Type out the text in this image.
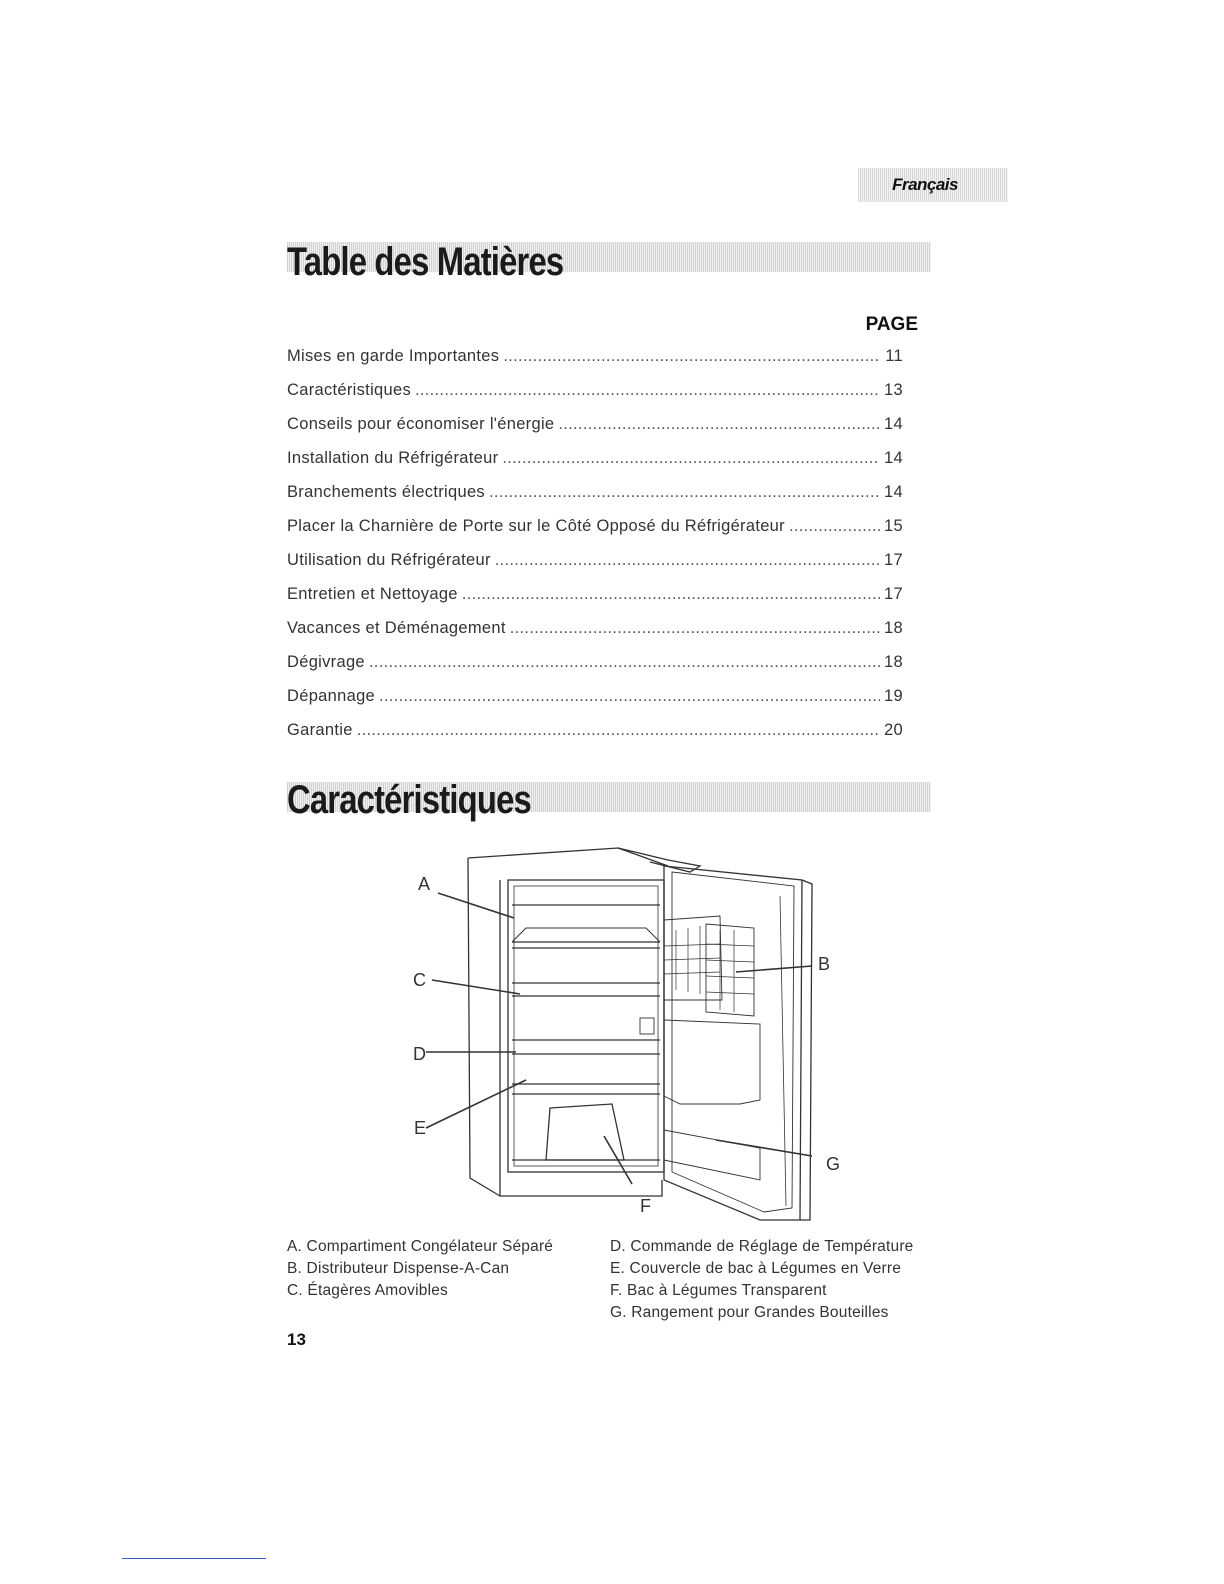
Français
Table des Matières
PAGE
Mises en garde Importantes .....	11
Caractéristiques .....	13
Conseils pour économiser l'énergie .....	14
Installation du Réfrigérateur .....	14
Branchements électriques .....	14
Placer la Charnière de Porte sur le Côté Opposé du Réfrigérateur .....	15
Utilisation du Réfrigérateur .....	17
Entretien et Nettoyage .....	17
Vacances et Déménagement .....	18
Dégivrage .....	18
Dépannage .....	19
Garantie .....	20
Caractéristiques
A
C
D
E
F
B
G
A. Compartiment Congélateur Séparé
B. Distributeur Dispense-A-Can
C. Étagères Amovibles
D. Commande de Réglage de Température
E. Couvercle de bac à Légumes en Verre
F. Bac à Légumes Transparent
G. Rangement pour Grandes Bouteilles
13
